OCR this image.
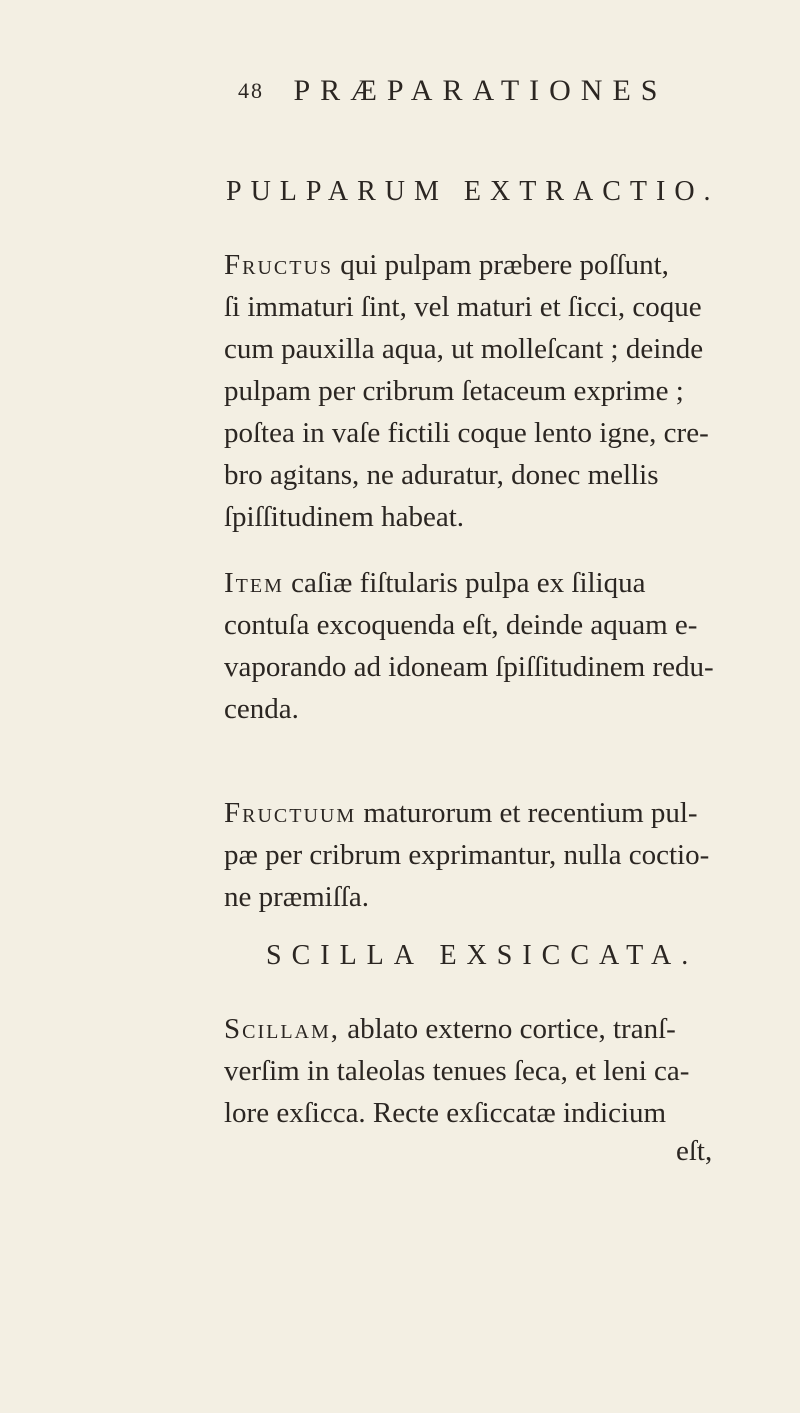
48 PRÆPARATIONES
PULPARUM EXTRACTIO.
Fructus qui pulpam præbere poſſunt,
ſi immaturi ſint, vel maturi et ſicci, coque
cum pauxilla aqua, ut molleſcant ; deinde
pulpam per cribrum ſetaceum exprime ;
poſtea in vaſe fictili coque lento igne, cre-
bro agitans, ne aduratur, donec mellis
ſpiſſitudinem habeat.
Item caſiæ fiſtularis pulpa ex ſiliqua
contuſa excoquenda eſt, deinde aquam e-
vaporando ad idoneam ſpiſſitudinem redu-
cenda.
Fructuum maturorum et recentium pul-
pæ per cribrum exprimantur, nulla coctio-
ne præmiſſa.
SCILLA EXSICCATA.
Scillam, ablato externo cortice, tranſ-
verſim in taleolas tenues ſeca, et leni ca-
lore exſicca. Recte exſiccatæ indicium
eſt,
